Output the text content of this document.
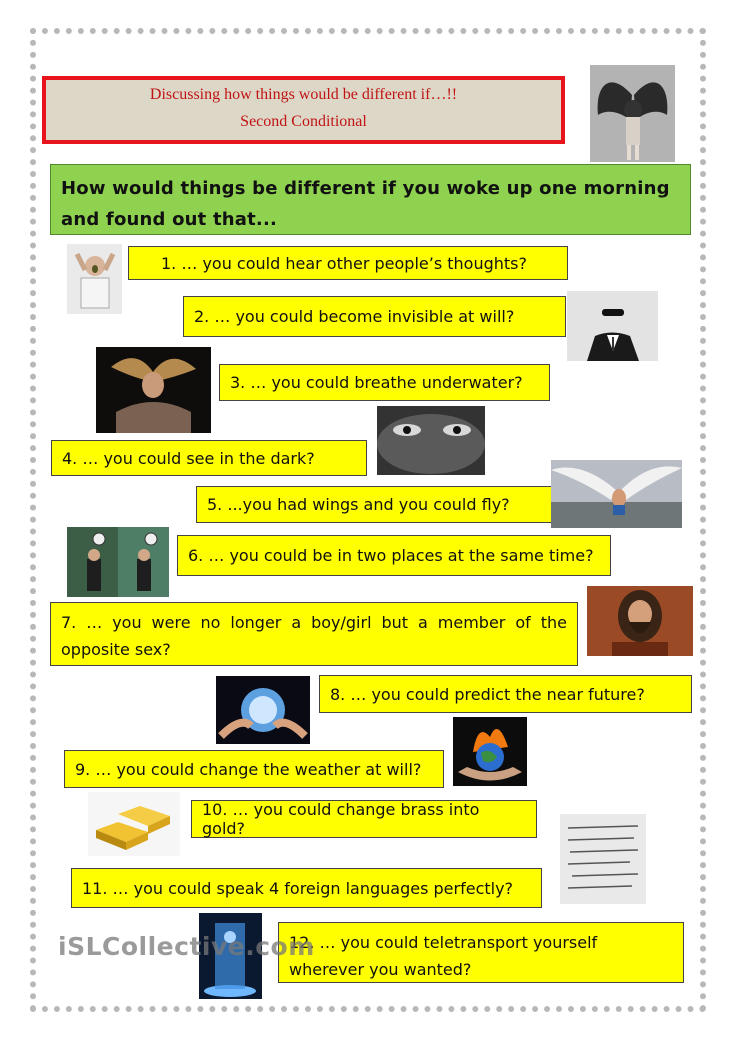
Discussing how things would be different if…!!
Second Conditional
How would things be different if you woke up one morning and found out that...
1. … you could hear other people’s thoughts?
2. … you could become invisible at will?
3. … you could breathe underwater?
4. … you could see in the dark?
5. ...you had wings and you could fly?
6. … you could be in two places at the same time?
7. … you were no longer a boy/girl but a member of the opposite sex?
8. … you could predict the near future?
9. … you could change the weather at will?
10. … you could change brass into gold?
11. … you could speak 4 foreign languages perfectly?
12. … you could teletransport yourself wherever you wanted?
iSLCollective.com
